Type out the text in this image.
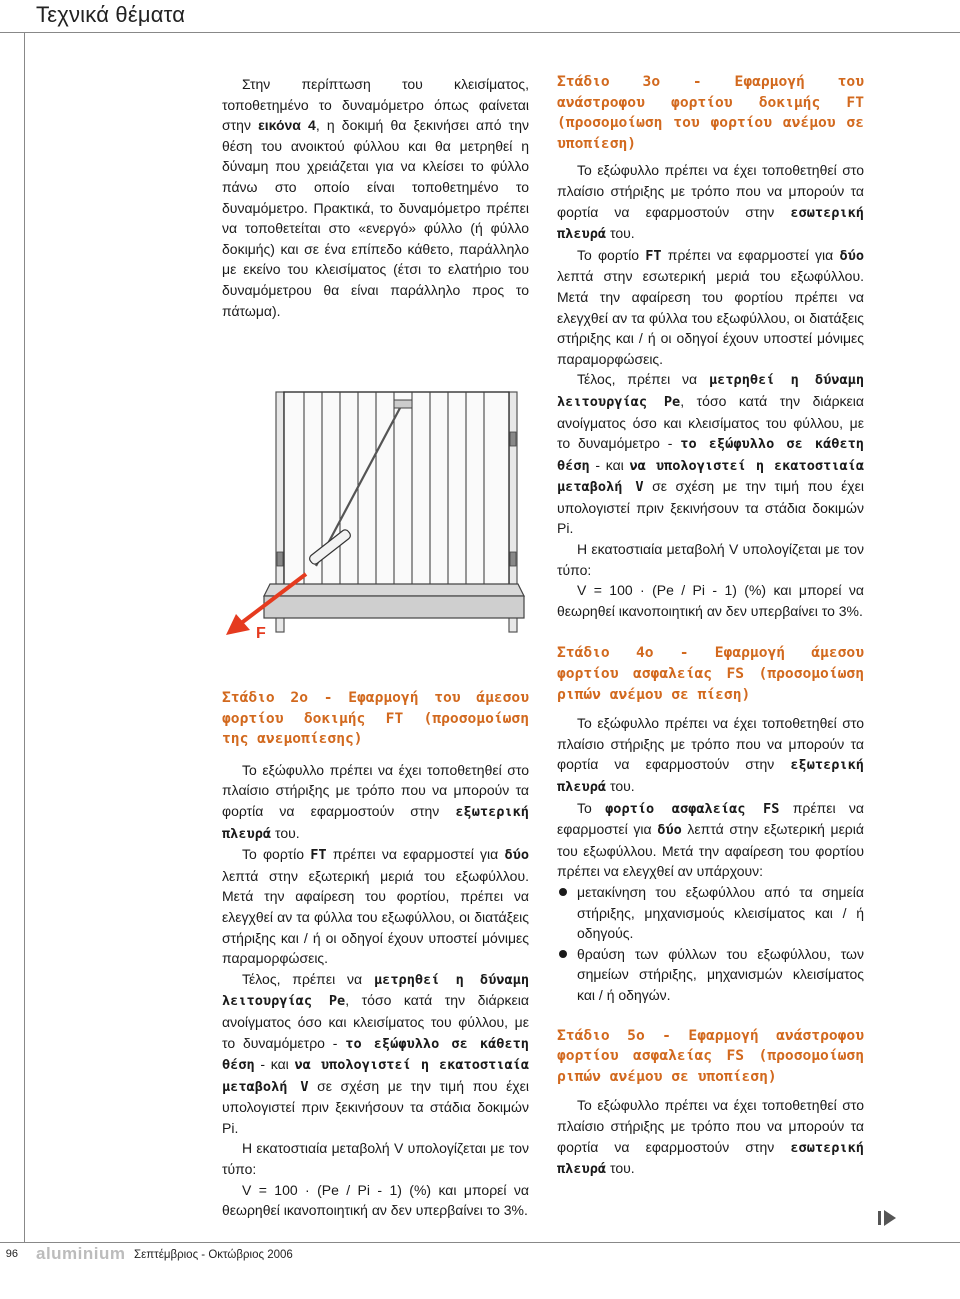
Τεχνικά θέματα

Στην περίπτωση του κλεισίματος, τοποθετημένο το δυναμόμετρο όπως φαίνεται στην εικόνα 4, η δοκιμή θα ξεκινήσει από την θέση του ανοικτού φύλλου και θα μετρηθεί η δύναμη που χρειάζεται για να κλείσει το φύλλο πάνω στο οποίο είναι τοποθετημένο το δυναμόμετρο. Πρακτικά, το δυναμόμετρο πρέπει να τοποθετείται στο «ενεργό» φύλλο (ή φύλλο δοκιμής) και σε ένα επίπεδο κάθετο, παράλληλο με εκείνο του κλεισίματος (έτσι το ελατήριο του δυναμόμετρου θα είναι παράλληλο προς το πάτωμα).

F

Στάδιο 2ο - Εφαρμογή του άμεσου φορτίου δοκιμής FT (προσομοίωση της ανεμοπίεσης)

Το εξώφυλλο πρέπει να έχει τοποθετηθεί στο πλαίσιο στήριξης με τρόπο που να μπορούν τα φορτία να εφαρμοστούν στην εξωτερική πλευρά του.

Το φορτίο FT πρέπει να εφαρμοστεί για δύο λεπτά στην εξωτερική μεριά του εξωφύλλου. Μετά την αφαίρεση του φορτίου, πρέπει να ελεγχθεί αν τα φύλλα του εξωφύλλου, οι διατάξεις στήριξης και / ή οι οδηγοί έχουν υποστεί μόνιμες παραμορφώσεις.

Τέλος, πρέπει να μετρηθεί η δύναμη λειτουργίας Pe, τόσο κατά την διάρκεια ανοίγματος όσο και κλεισίματος του φύλλου, με το δυναμόμετρο - το εξώφυλλο σε κάθετη θέση - και να υπολογιστεί η εκατοστιαία μεταβολή V σε σχέση με την τιμή που έχει υπολογιστεί πριν ξεκινήσουν τα στάδια δοκιμών Pi.

Η εκατοστιαία μεταβολή V υπολογίζεται με τον τύπο:

V = 100 · (Pe / Pi - 1) (%) και μπορεί να θεωρηθεί ικανοποιητική αν δεν υπερβαίνει το 3%.

Στάδιο 3ο - Εφαρμογή του ανάστροφου φορτίου δοκιμής FT (προσομοίωση του φορτίου ανέμου σε υποπίεση)

Το εξώφυλλο πρέπει να έχει τοποθετηθεί στο πλαίσιο στήριξης με τρόπο που να μπορούν τα φορτία να εφαρμοστούν στην εσωτερική πλευρά του.

Το φορτίο FT πρέπει να εφαρμοστεί για δύο λεπτά στην εσωτερική μεριά του εξωφύλλου. Μετά την αφαίρεση του φορτίου πρέπει να ελεγχθεί αν τα φύλλα του εξωφύλλου, οι διατάξεις στήριξης και / ή οι οδηγοί έχουν υποστεί μόνιμες παραμορφώσεις.

Τέλος, πρέπει να μετρηθεί η δύναμη λειτουργίας Pe, τόσο κατά την διάρκεια ανοίγματος όσο και κλεισίματος του φύλλου, με το δυναμόμετρο - το εξώφυλλο σε κάθετη θέση - και να υπολογιστεί η εκατοστιαία μεταβολή V σε σχέση με την τιμή που έχει υπολογιστεί πριν ξεκινήσουν τα στάδια δοκιμών Pi.

Η εκατοστιαία μεταβολή V υπολογίζεται με τον τύπο:

V = 100 · (Pe / Pi - 1) (%) και μπορεί να θεωρηθεί ικανοποιητική αν δεν υπερβαίνει το 3%.

Στάδιο 4ο - Εφαρμογή άμεσου φορτίου ασφαλείας FS (προσομοίωση ριπών ανέμου σε πίεση)

Το εξώφυλλο πρέπει να έχει τοποθετηθεί στο πλαίσιο στήριξης με τρόπο που να μπορούν τα φορτία να εφαρμοστούν στην εξωτερική πλευρά του.

Το φορτίο ασφαλείας FS πρέπει να εφαρμοστεί για δύο λεπτά στην εξωτερική μεριά του εξωφύλλου. Μετά την αφαίρεση του φορτίου πρέπει να ελεγχθεί αν υπάρχουν:

μετακίνηση του εξωφύλλου από τα σημεία στήριξης, μηχανισμούς κλεισίματος και / ή οδηγούς.
θραύση των φύλλων του εξωφύλλου, των σημείων στήριξης, μηχανισμών κλεισίματος και / ή οδηγών.

Στάδιο 5ο - Εφαρμογή ανάστροφου φορτίου ασφαλείας FS (προσομοίωση ριπών ανέμου σε υποπίεση)

Το εξώφυλλο πρέπει να έχει τοποθετηθεί στο πλαίσιο στήριξης με τρόπο που να μπορούν τα φορτία να εφαρμοστούν στην εσωτερική πλευρά του.

96 aluminium Σεπτέμβριος - Οκτώβριος 2006
